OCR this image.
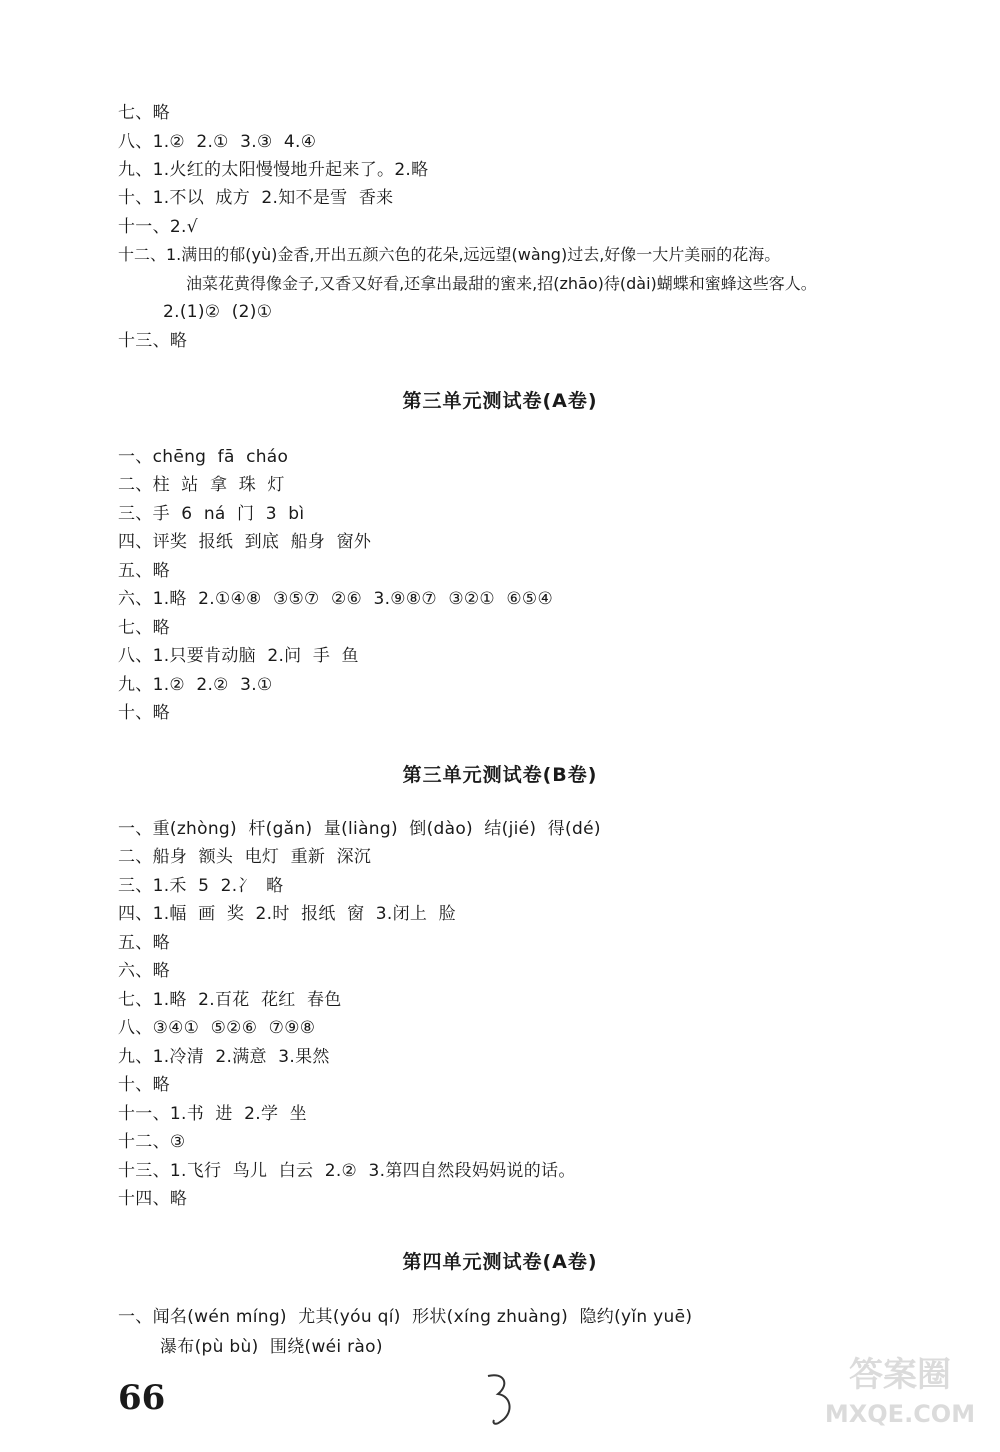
七、略
八、1.②  2.①  3.③  4.④
九、1.火红的太阳慢慢地升起来了。2.略
十、1.不以  成方  2.知不是雪  香来
十一、2.√
十二、1.满田的郁(yù)金香,开出五颜六色的花朵,远远望(wàng)过去,好像一大片美丽的花海。
油菜花黄得像金子,又香又好看,还拿出最甜的蜜来,招(zhāo)待(dài)蝴蝶和蜜蜂这些客人。
2.(1)②  (2)①
十三、略
第三单元测试卷(A卷)
一、chēng  fā  cháo
二、柱  站  拿  珠  灯
三、手  6  ná  门  3  bì
四、评奖  报纸  到底  船身  窗外
五、略
六、1.略  2.①④⑧  ③⑤⑦  ②⑥  3.⑨⑧⑦  ③②①  ⑥⑤④
七、略
八、1.只要肯动脑  2.问  手  鱼
九、1.②  2.②  3.①
十、略
第三单元测试卷(B卷)
一、重(zhòng)  杆(gǎn)  量(liàng)  倒(dào)  结(jié)  得(dé)
二、船身  额头  电灯  重新  深沉
三、1.禾  5  2.冫  略
四、1.幅  画  奖  2.时  报纸  窗  3.闭上  脸
五、略
六、略
七、1.略  2.百花  花红  春色
八、③④①  ⑤②⑥  ⑦⑨⑧
九、1.冷清  2.满意  3.果然
十、略
十一、1.书  进  2.学  坐
十二、③
十三、1.飞行  鸟儿  白云  2.②  3.第四自然段妈妈说的话。
十四、略
第四单元测试卷(A卷)
一、闻名(wén míng)  尤其(yóu qí)  形状(xíng zhuàng)  隐约(yǐn yuē)
瀑布(pù bù)  围绕(wéi rào)
66
答案圈
MXQE.COM
